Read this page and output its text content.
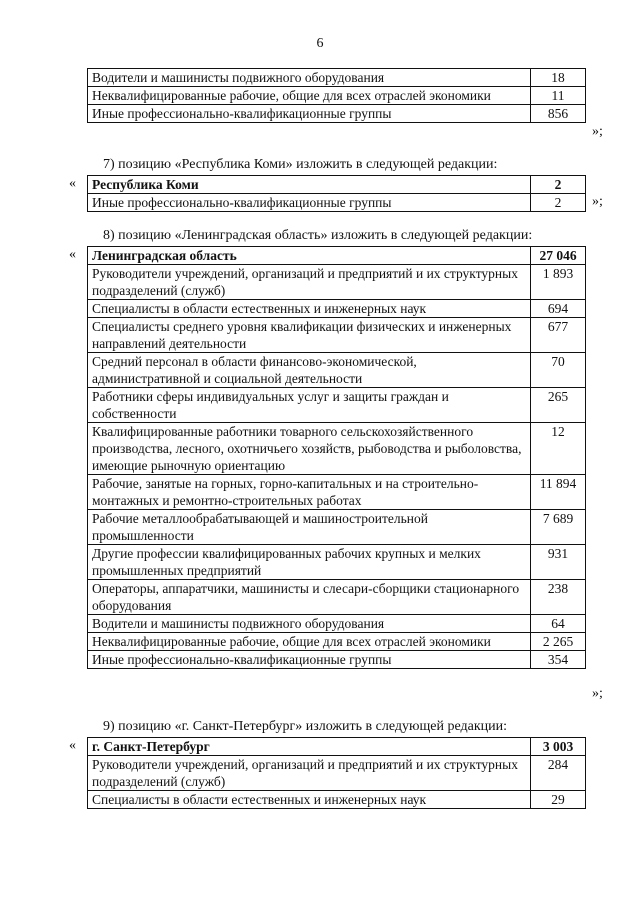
6
Водители и машинисты подвижного оборудования	18
Неквалифицированные рабочие, общие для всех отраслей экономики	11
Иные профессионально-квалификационные группы	856
»;
7) позицию «Республика Коми» изложить в следующей редакции:
« Республика Коми	2
Иные профессионально-квалификационные группы	2 »;
8) позицию «Ленинградская область» изложить в следующей редакции:
« Ленинградская область	27 046
Руководители учреждений, организаций и предприятий и их структурных подразделений (служб)	1 893
Специалисты в области естественных и инженерных наук	694
Специалисты среднего уровня квалификации физических и инженерных направлений деятельности	677
Средний персонал в области финансово-экономической, административной и социальной деятельности	70
Работники сферы индивидуальных услуг и защиты граждан и собственности	265
Квалифицированные работники товарного сельскохозяйственного производства, лесного, охотничьего хозяйств, рыбоводства и рыболовства, имеющие рыночную ориентацию	12
Рабочие, занятые на горных, горно-капитальных и на строительно-монтажных и ремонтно-строительных работах	11 894
Рабочие металлообрабатывающей и машиностроительной промышленности	7 689
Другие профессии квалифицированных рабочих крупных и мелких промышленных предприятий	931
Операторы, аппаратчики, машинисты и слесари-сборщики стационарного оборудования	238
Водители и машинисты подвижного оборудования	64
Неквалифицированные рабочие, общие для всех отраслей экономики	2 265
Иные профессионально-квалификационные группы	354
»;
9) позицию «г. Санкт-Петербург» изложить в следующей редакции:
« г. Санкт-Петербург	3 003
Руководители учреждений, организаций и предприятий и их структурных подразделений (служб)	284
Специалисты в области естественных и инженерных наук	29
